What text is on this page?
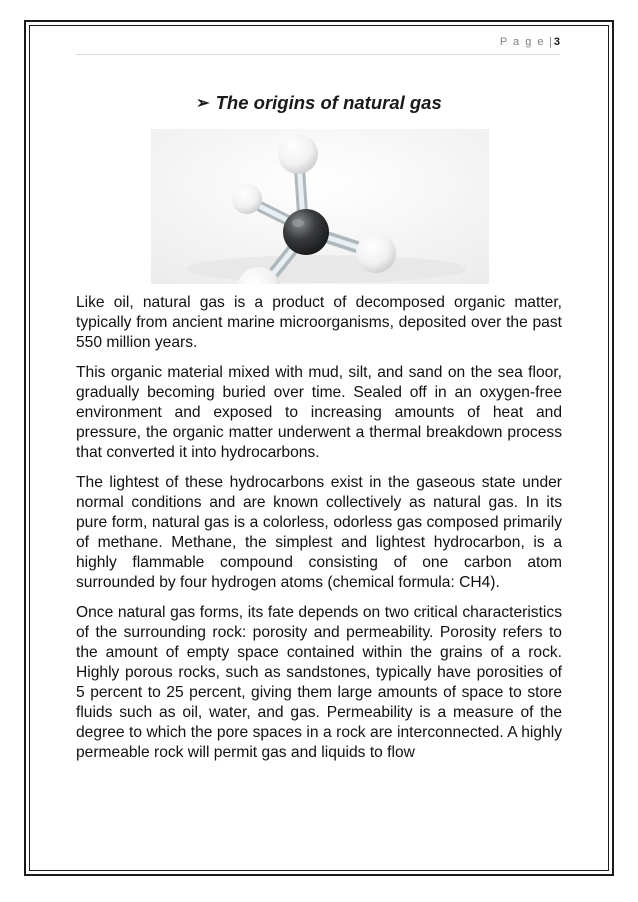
P a g e | 3
➢ The origins of natural gas

Like oil, natural gas is a product of decomposed organic matter, typically from ancient marine microorganisms, deposited over the past 550 million years.

This organic material mixed with mud, silt, and sand on the sea floor, gradually becoming buried over time. Sealed off in an oxygen-free environment and exposed to increasing amounts of heat and pressure, the organic matter underwent a thermal breakdown process that converted it into hydrocarbons.

The lightest of these hydrocarbons exist in the gaseous state under normal conditions and are known collectively as natural gas. In its pure form, natural gas is a colorless, odorless gas composed primarily of methane. Methane, the simplest and lightest hydrocarbon, is a highly flammable compound consisting of one carbon atom surrounded by four hydrogen atoms (chemical formula: CH4).

Once natural gas forms, its fate depends on two critical characteristics of the surrounding rock: porosity and permeability. Porosity refers to the amount of empty space contained within the grains of a rock. Highly porous rocks, such as sandstones, typically have porosities of 5 percent to 25 percent, giving them large amounts of space to store fluids such as oil, water, and gas. Permeability is a measure of the degree to which the pore spaces in a rock are interconnected. A highly permeable rock will permit gas and liquids to flow
